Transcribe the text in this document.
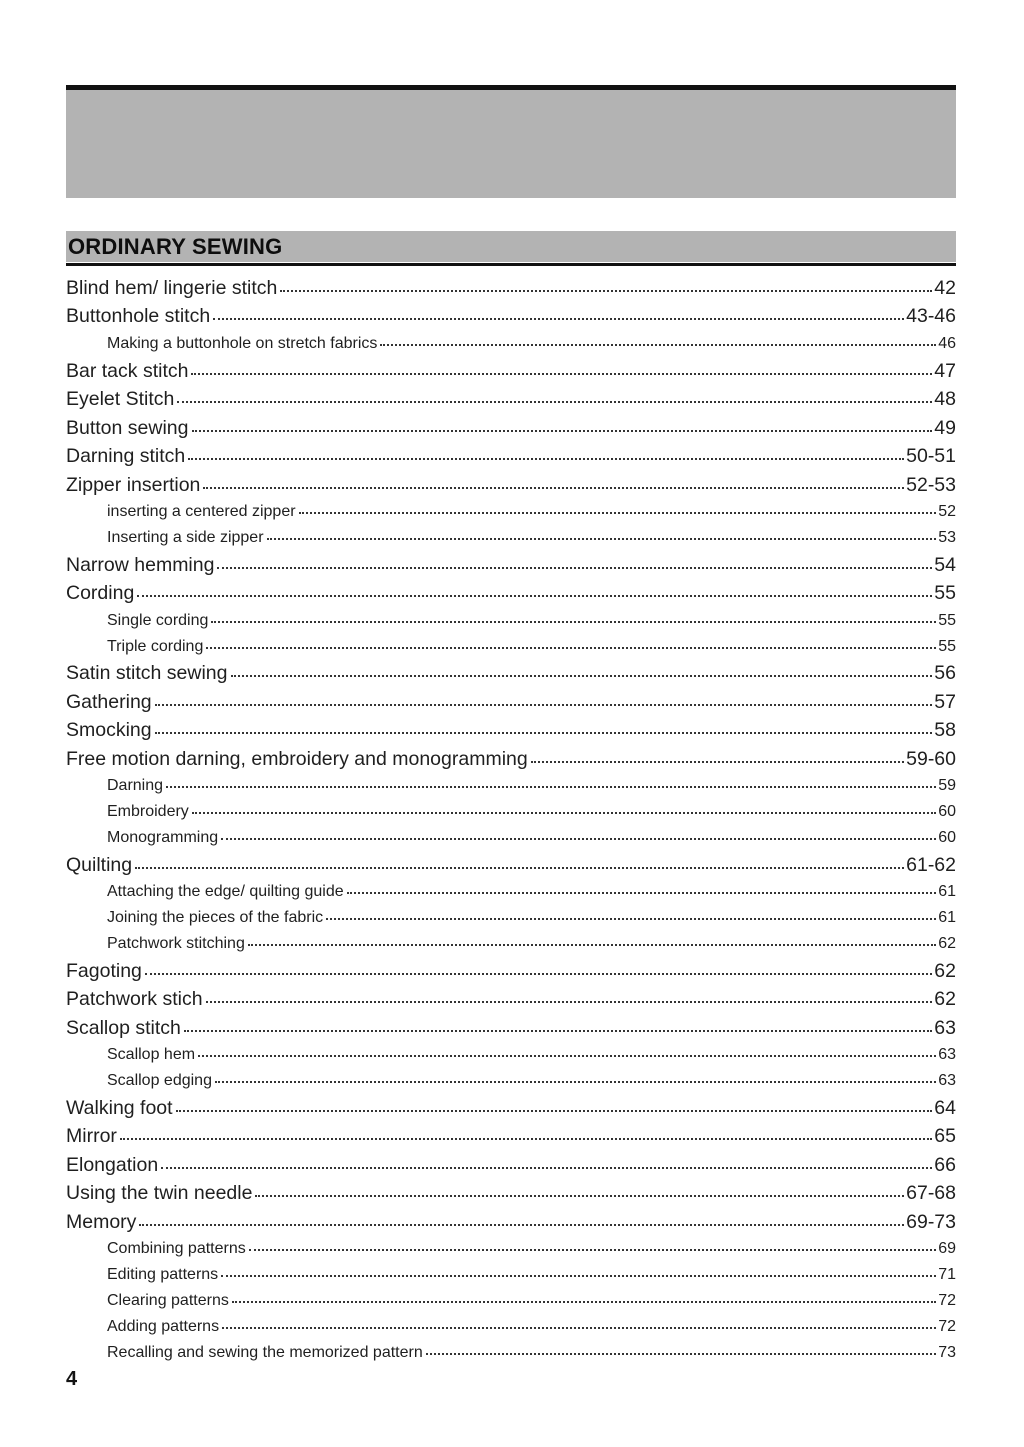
ORDINARY SEWING
Blind hem/ lingerie stitch	42
Buttonhole stitch	43-46
Making a buttonhole on stretch fabrics	46
Bar tack stitch	47
Eyelet Stitch	48
Button sewing	49
Darning stitch	50-51
Zipper insertion	52-53
inserting a centered zipper	52
Inserting a side zipper	53
Narrow hemming	54
Cording	55
Single cording	55
Triple cording	55
Satin stitch sewing	56
Gathering	57
Smocking	58
Free motion darning, embroidery and monogramming	59-60
Darning	59
Embroidery	60
Monogramming	60
Quilting	61-62
Attaching the edge/ quilting guide	61
Joining the pieces of the fabric	61
Patchwork stitching	62
Fagoting	62
Patchwork stich	62
Scallop stitch	63
Scallop hem	63
Scallop edging	63
Walking foot	64
Mirror	65
Elongation	66
Using the twin needle	67-68
Memory	69-73
Combining patterns	69
Editing patterns	71
Clearing patterns	72
Adding patterns	72
Recalling and sewing the memorized pattern	73
4
